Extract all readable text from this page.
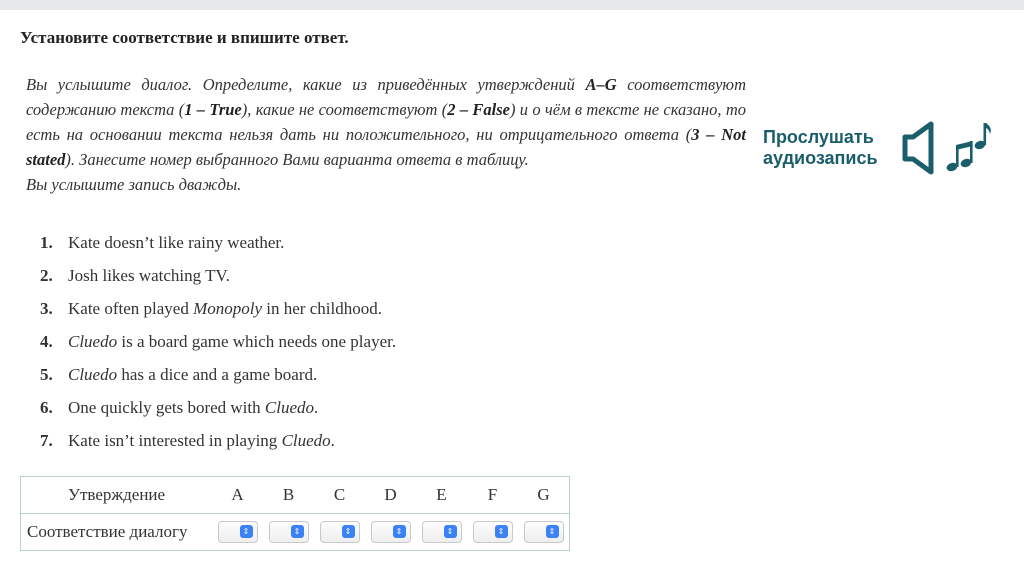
Установите соответствие и впишите ответ.

Вы услышите диалог. Определите, какие из приведённых утверждений A–G соответствуют содержанию текста (1 – True), какие не соответствуют (2 – False) и о чём в тексте не сказано, то есть на основании текста нельзя дать ни положительного, ни отрицательного ответа (3 – Not stated). Занесите номер выбранного Вами варианта ответа в таблицу.

Вы услышите запись дважды.

Прослушать
аудиозапись
1. Kate doesn’t like rainy weather.
2. Josh likes watching TV.
3. Kate often played Monopoly in her childhood.
4. Cluedo is a board game which needs one player.
5. Cluedo has a dice and a game board.
6. One quickly gets bored with Cluedo.
7. Kate isn’t interested in playing Cluedo.
Утверждение	A	B	C	D	E	F	G
Соответствие диалогу	⇕	⇕	⇕	⇕	⇕	⇕	⇕
